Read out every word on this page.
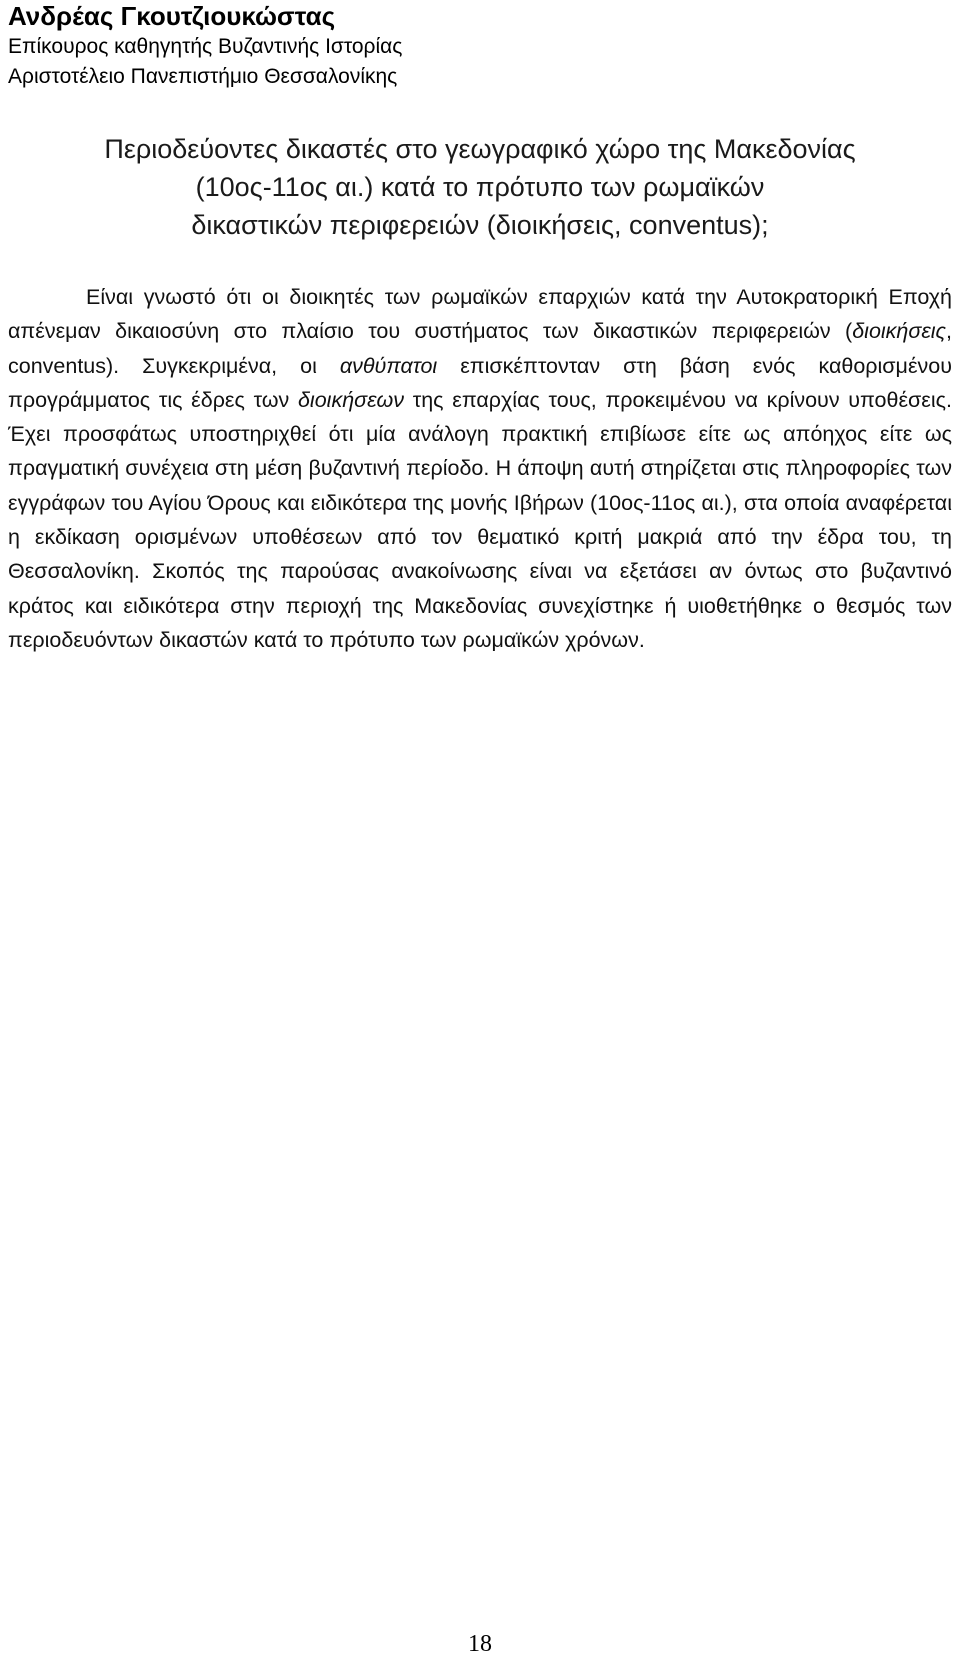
Ανδρέας Γκουτζιουκώστας

Επίκουρος καθηγητής Βυζαντινής Ιστορίας

Αριστοτέλειο Πανεπιστήμιο Θεσσαλονίκης

Περιοδεύοντες δικαστές στο γεωγραφικό χώρο της Μακεδονίας
(10ος-11ος αι.) κατά το πρότυπο των ρωμαϊκών
δικαστικών περιφερειών (διοικήσεις, conventus);

Είναι γνωστό ότι οι διοικητές των ρωμαϊκών επαρχιών κατά την Αυτοκρατορική Εποχή απένεμαν δικαιοσύνη στο πλαίσιο του συστήματος των δικαστικών περιφερειών (διοικήσεις, conventus). Συγκεκριμένα, οι ανθύπατοι επισκέπτονταν στη βάση ενός καθορισμένου προγράμματος τις έδρες των διοικήσεων της επαρχίας τους, προκειμένου να κρίνουν υποθέσεις. Έχει προσφάτως υποστηριχθεί ότι μία ανάλογη πρακτική επιβίωσε είτε ως απόηχος είτε ως πραγματική συνέχεια στη μέση βυζαντινή περίοδο. Η άποψη αυτή στηρίζεται στις πληροφορίες των εγγράφων του Αγίου Όρους και ειδικότερα της μονής Ιβήρων (10ος-11ος αι.), στα οποία αναφέρεται η εκδίκαση ορισμένων υποθέσεων από τον θεματικό κριτή μακριά από την έδρα του, τη Θεσσαλονίκη. Σκοπός της παρούσας ανακοίνωσης είναι να εξετάσει αν όντως στο βυζαντινό κράτος και ειδικότερα στην περιοχή της Μακεδονίας συνεχίστηκε ή υιοθετήθηκε ο θεσμός των περιοδευόντων δικαστών κατά το πρότυπο των ρωμαϊκών χρόνων.

18
